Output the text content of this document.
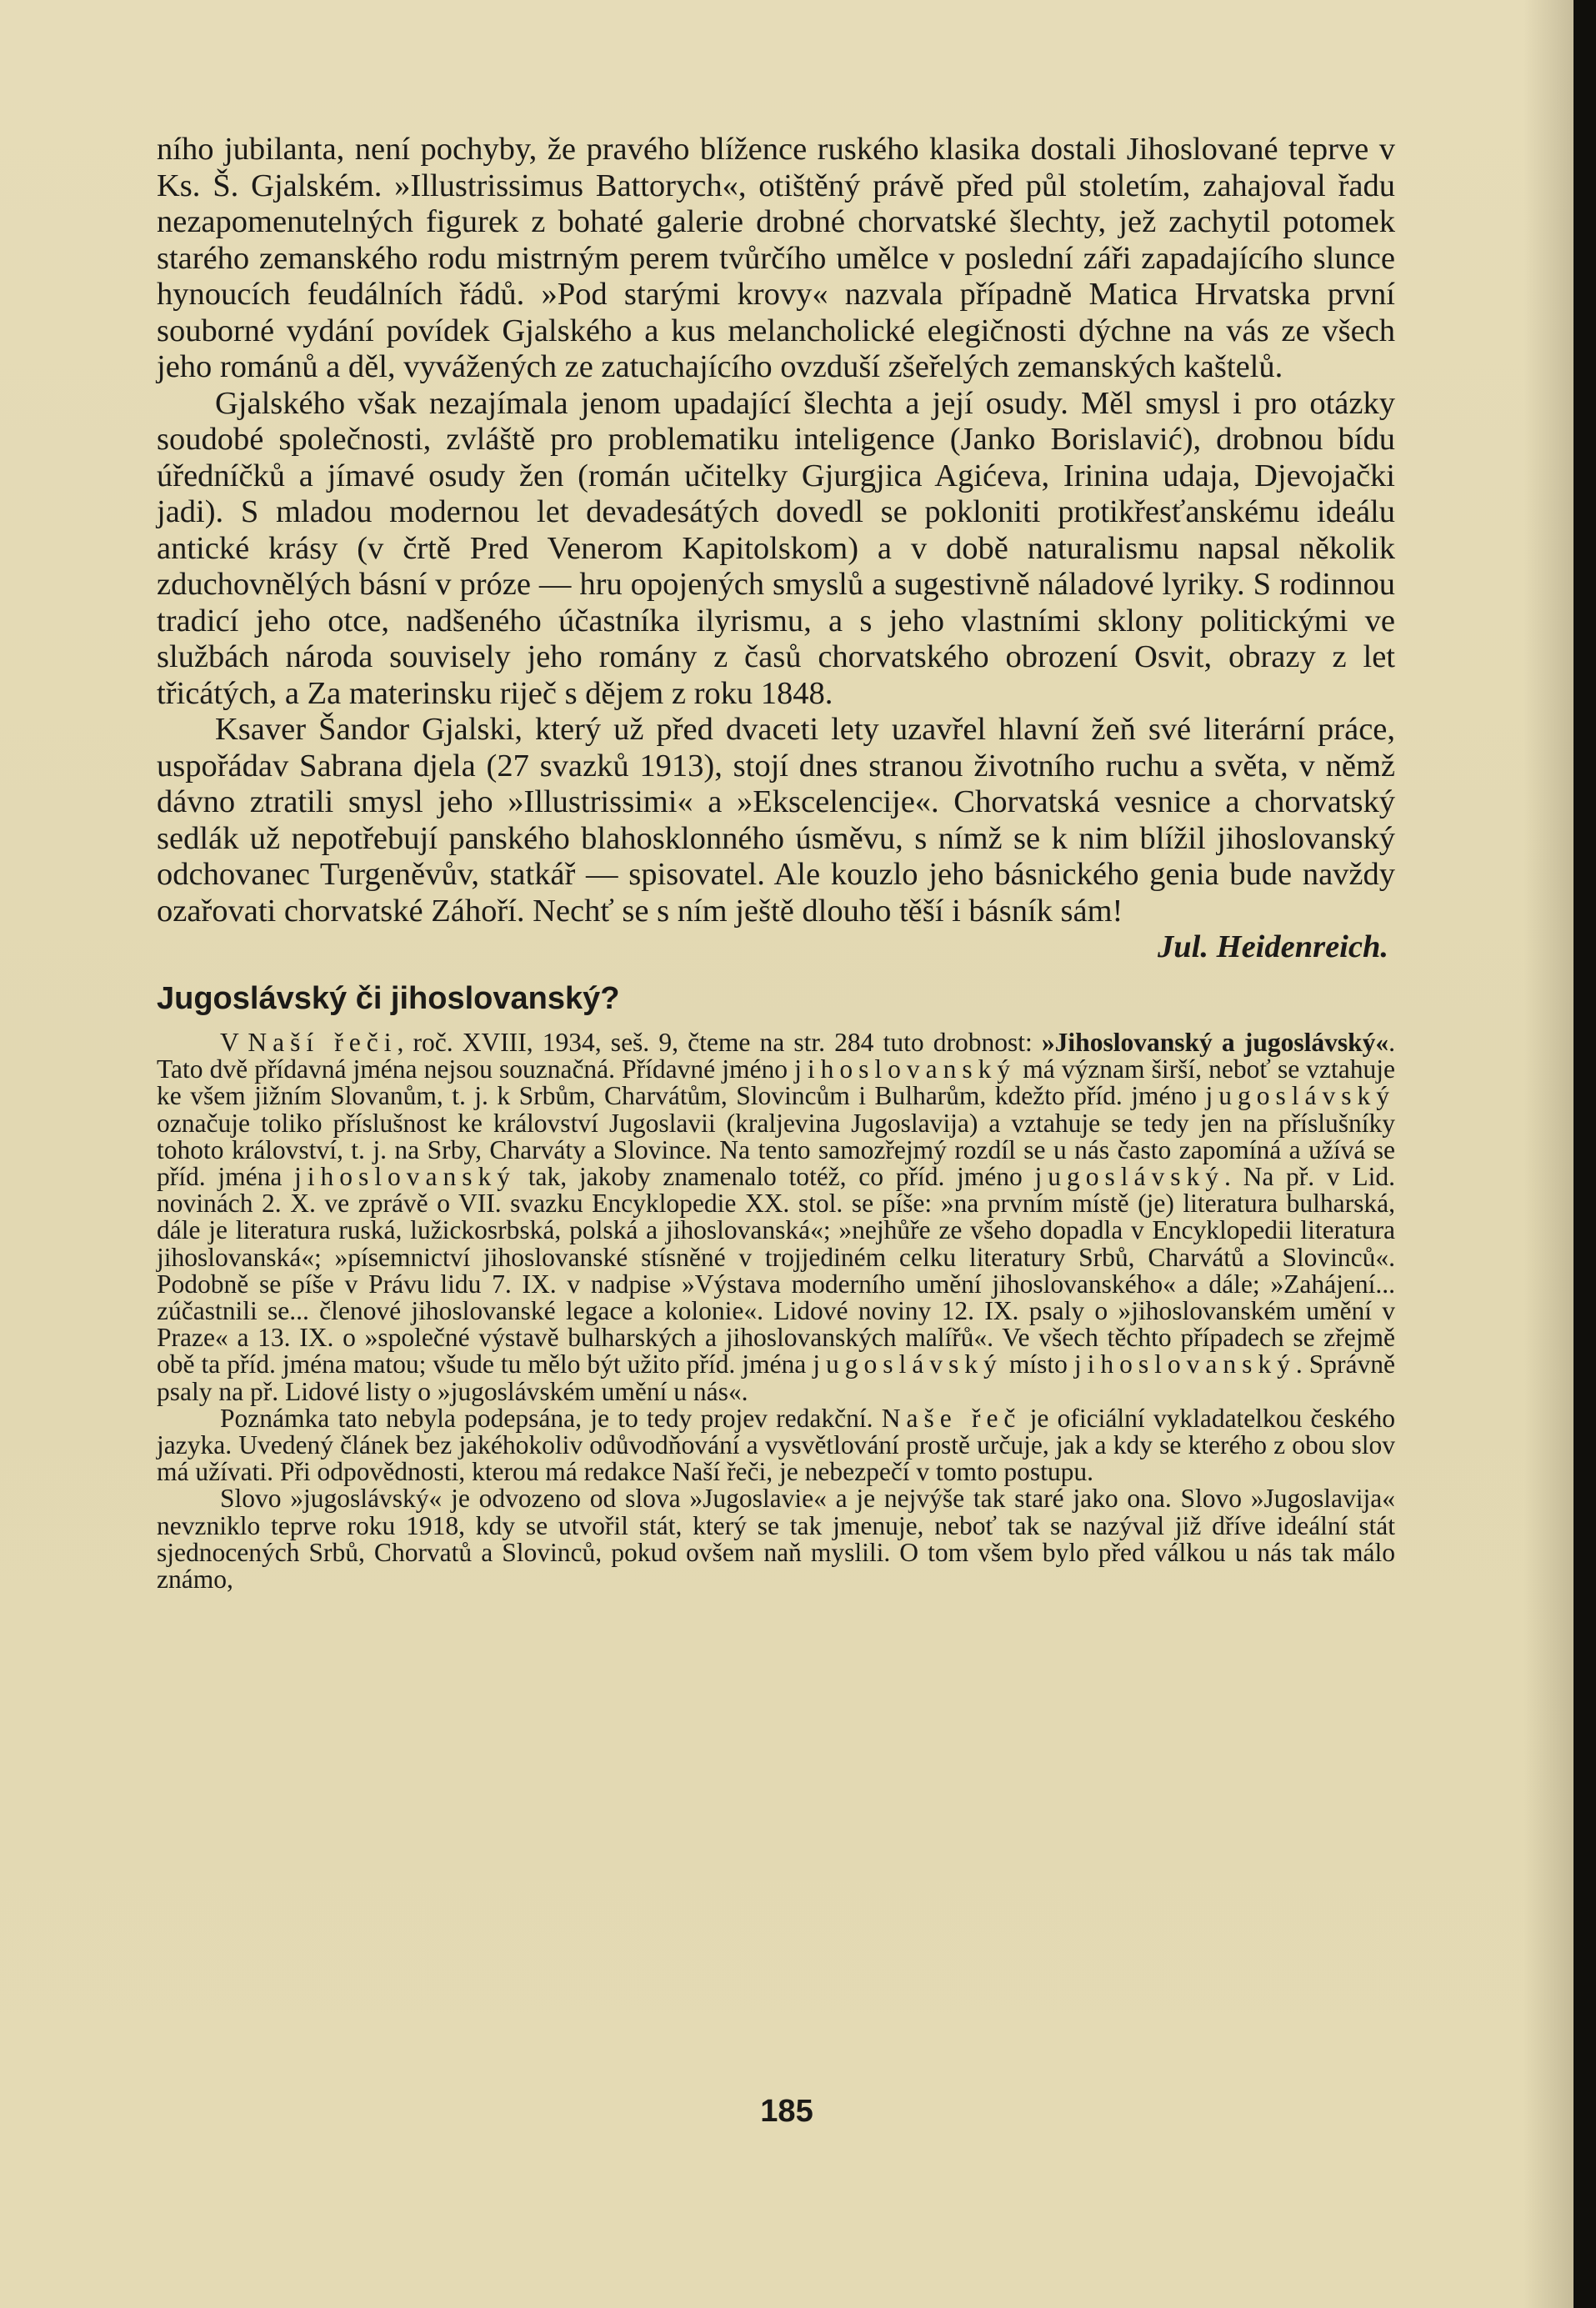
ního jubilanta, není pochyby, že pravého blížence ruského klasika dostali Jihoslované teprve v Ks. Š. Gjalském. »Illustrissimus Battorych«, otištěný právě před půl stoletím, zahajoval řadu nezapomenutelných figurek z bohaté galerie drobné chorvatské šlechty, jež zachytil potomek starého zemanského rodu mistrným perem tvůrčího umělce v poslední záři zapadajícího slunce hynoucích feudálních řádů. »Pod starými krovy« nazvala případně Matica Hrvatska první souborné vydání povídek Gjalského a kus melancholické elegičnosti dýchne na vás ze všech jeho románů a děl, vyvážených ze zatuchajícího ovzduší zšeřelých zemanských kaštelů.

Gjalského však nezajímala jenom upadající šlechta a její osudy. Měl smysl i pro otázky soudobé společnosti, zvláště pro problematiku inteligence (Janko Borislavić), drobnou bídu úředníčků a jímavé osudy žen (román učitelky Gjurgjica Agićeva, Irinina udaja, Djevojački jadi). S mladou modernou let devadesátých dovedl se pokloniti protikřesťanskému ideálu antické krásy (v črtě Pred Venerom Kapitolskom) a v době naturalismu napsal několik zduchovnělých básní v próze — hru opojených smyslů a sugestivně náladové lyriky. S rodinnou tradicí jeho otce, nadšeného účastníka ilyrismu, a s jeho vlastními sklony politickými ve službách národa souvisely jeho romány z časů chorvatského obrození Osvit, obrazy z let třicátých, a Za materinsku riječ s dějem z roku 1848.

Ksaver Šandor Gjalski, který už před dvaceti lety uzavřel hlavní žeň své literární práce, uspořádav Sabrana djela (27 svazků 1913), stojí dnes stranou životního ruchu a světa, v němž dávno ztratili smysl jeho »Illustrissimi« a »Ekscelencije«. Chorvatská vesnice a chorvatský sedlák už nepotřebují panského blahosklonného úsměvu, s nímž se k nim blížil jihoslovanský odchovanec Turgeněvův, statkář — spisovatel. Ale kouzlo jeho básnického genia bude navždy ozařovati chorvatské Záhoří. Nechť se s ním ještě dlouho těší i básník sám!
Jul. Heidenreich.

Jugoslávský či jihoslovanský?

V Naší řeči, roč. XVIII, 1934, seš. 9, čteme na str. 284 tuto drobnost: »Jihoslovanský a jugoslávský«. Tato dvě přídavná jména nejsou souznačná. Přídavné jméno jihoslovanský má význam širší, neboť se vztahuje ke všem jižním Slovanům, t. j. k Srbům, Charvátům, Slovincům i Bulharům, kdežto příd. jméno jugoslávský označuje toliko příslušnost ke království Jugoslavii (kraljevina Jugoslavija) a vztahuje se tedy jen na příslušníky tohoto království, t. j. na Srby, Charváty a Slovince. Na tento samozřejmý rozdíl se u nás často zapomíná a užívá se příd. jména jihoslovanský tak, jakoby znamenalo totéž, co příd. jméno jugoslávský. Na př. v Lid. novinách 2. X. ve zprávě o VII. svazku Encyklopedie XX. stol. se píše: »na prvním místě (je) literatura bulharská, dále je literatura ruská, lužickosrbská, polská a jihoslovanská«; »nejhůře ze všeho dopadla v Encyklopedii literatura jihoslovanská«; »písemnictví jihoslovanské stísněné v trojjediném celku literatury Srbů, Charvátů a Slovinců«. Podobně se píše v Právu lidu 7. IX. v nadpise »Výstava moderního umění jihoslovanského« a dále; »Zahájení... zúčastnili se... členové jihoslovanské legace a kolonie«. Lidové noviny 12. IX. psaly o »jihoslovanském umění v Praze« a 13. IX. o »společné výstavě bulharských a jihoslovanských malířů«. Ve všech těchto případech se zřejmě obě ta příd. jména matou; všude tu mělo být užito příd. jména jugoslávský místo jihoslovanský. Správně psaly na př. Lidové listy o »jugoslávském umění u nás«.

Poznámka tato nebyla podepsána, je to tedy projev redakční. Naše řeč je oficiální vykladatelkou českého jazyka. Uvedený článek bez jakéhokoliv odůvodňování a vysvětlování prostě určuje, jak a kdy se kterého z obou slov má užívati. Při odpovědnosti, kterou má redakce Naší řeči, je nebezpečí v tomto postupu.

Slovo »jugoslávský« je odvozeno od slova »Jugoslavie« a je nejvýše tak staré jako ona. Slovo »Jugoslavija« nevzniklo teprve roku 1918, kdy se utvořil stát, který se tak jmenuje, neboť tak se nazýval již dříve ideální stát sjednocených Srbů, Chorvatů a Slovinců, pokud ovšem naň myslili. O tom všem bylo před válkou u nás tak málo známo,

185
